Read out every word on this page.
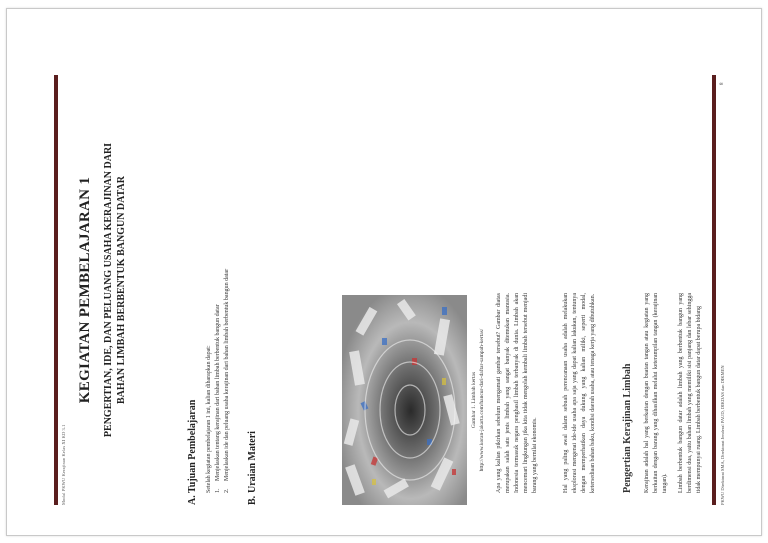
Modul PKWU Kerajinan Kelas XI KD 3.1
KEGIATAN PEMBELAJARAN 1 PENGERTIAN, IDE, DAN PELUANG USAHA KERAJINAN DARI BAHAN LIMBAH BERBENTUK BANGUN DATAR
A.Tujuan Pembelajaran Setelah kegiatan pembelajaran 1 ini, kalian diharapkan dapat: 1.
Menjelaskan tentang kerajinan dari bahan limbah berbentuk bangun datar
2.
Menjelaskan ide dan peluang usaha kerajinan dari bahan limbah berbentuk bangun datar
B.Uraian Materi
Gambar 1. Limbah kertas http://www.koran-jakarta.com/hancur-dari-daftar-sampah-kertas/ Apa yang kalian pikirkan sebelum mengamati gambar tersebut? Gambar diatas merupakan salah satu jenis limbah yang sangat banyak ditemukan manusia. Indonesia termasuk negara penghasil limbah terbanyak di dunia. Limbah akan mencemari lingkungan jika kita tidak mengolah kembali limbah tersebut menjadi barang yang bernilai ekonomis.	Hal yang paling awal dalam sebuah perencanaan usaha adalah melakukan eksplorasi mengenai ide-ide usaha apa saja yang dapat kalian lakukan, tentunya dengan memperhatikan daya dukung yang kalian miliki, seperti modal, ketersediaan bahan baku, kondisi daerah usaha, atau tenaga kerja yang dibutuhkan.	Pengertian Kerajinan Limbah Kerajinan adalah hal yang berkaitan dengan buatan tangan atau kegiatan yang berkaitan dengan barang yang dihasilkan melalui keterampilan tangan (kerajinan tangan).	Limbah berbentuk bangun datar adalah limbah yang berbentuk bangun yang berdimensi dua, yaitu bahan limbah yang memiliki sisi panjang dan lebar sehingga tidak mempunyai ruang. Limbah berbentuk bangun datar dapat berupa bidang	PKWU Direktorat SMA, Direktorat Jenderal PAUD, DIKDAS dan DIKMEN
8
